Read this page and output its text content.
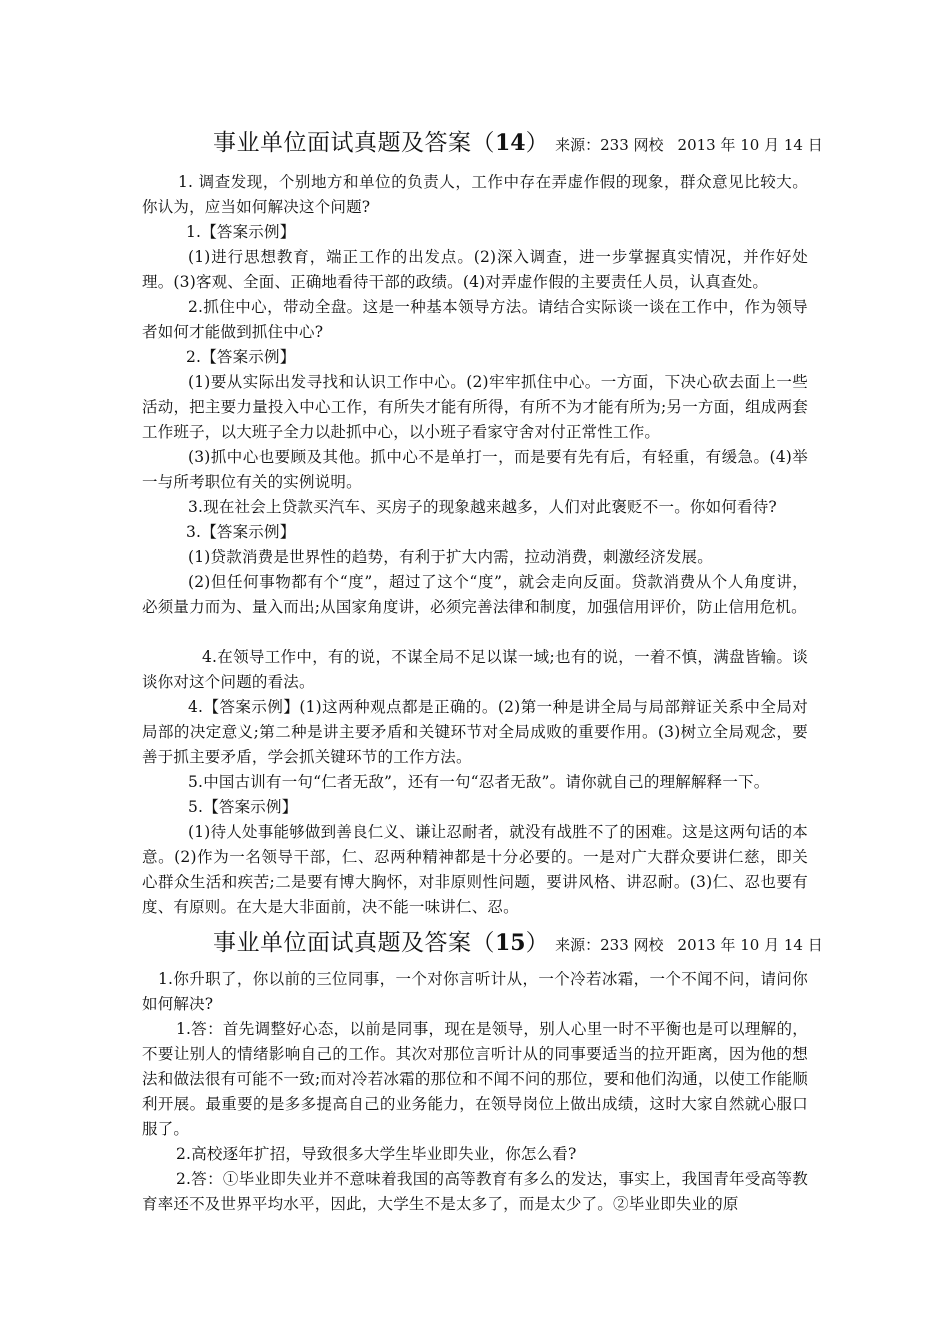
事业单位面试真题及答案（14） 来源：233 网校 2013 年 10 月 14 日
1. 调查发现，个别地方和单位的负责人，工作中存在弄虚作假的现象，群众意见比较大。你认为，应当如何解决这个问题?
1.【答案示例】
(1)进行思想教育，端正工作的出发点。(2)深入调查，进一步掌握真实情况，并作好处理。(3)客观、全面、正确地看待干部的政绩。(4)对弄虚作假的主要责任人员，认真查处。
2.抓住中心，带动全盘。这是一种基本领导方法。请结合实际谈一谈在工作中，作为领导者如何才能做到抓住中心?
2.【答案示例】
(1)要从实际出发寻找和认识工作中心。(2)牢牢抓住中心。一方面，下决心砍去面上一些活动，把主要力量投入中心工作，有所失才能有所得，有所不为才能有所为;另一方面，组成两套工作班子，以大班子全力以赴抓中心，以小班子看家守舍对付正常性工作。
(3)抓中心也要顾及其他。抓中心不是单打一，而是要有先有后，有轻重，有缓急。(4)举一与所考职位有关的实例说明。
3.现在社会上贷款买汽车、买房子的现象越来越多，人们对此褒贬不一。你如何看待?
3.【答案示例】
(1)贷款消费是世界性的趋势，有利于扩大内需，拉动消费，刺激经济发展。
(2)但任何事物都有个“度”，超过了这个“度”，就会走向反面。贷款消费从个人角度讲，必须量力而为、量入而出;从国家角度讲，必须完善法律和制度，加强信用评价，防止信用危机。
4.在领导工作中，有的说，不谋全局不足以谋一域;也有的说，一着不慎，满盘皆输。谈谈你对这个问题的看法。
4.【答案示例】(1)这两种观点都是正确的。(2)第一种是讲全局与局部辩证关系中全局对局部的决定意义;第二种是讲主要矛盾和关键环节对全局成败的重要作用。(3)树立全局观念，要善于抓主要矛盾，学会抓关键环节的工作方法。
5.中国古训有一句“仁者无敌”，还有一句“忍者无敌”。请你就自己的理解解释一下。
5.【答案示例】
(1)待人处事能够做到善良仁义、谦让忍耐者，就没有战胜不了的困难。这是这两句话的本意。(2)作为一名领导干部，仁、忍两种精神都是十分必要的。一是对广大群众要讲仁慈，即关心群众生活和疾苦;二是要有博大胸怀，对非原则性问题，要讲风格、讲忍耐。(3)仁、忍也要有度、有原则。在大是大非面前，决不能一味讲仁、忍。
事业单位面试真题及答案（15） 来源：233 网校 2013 年 10 月 14 日
1.你升职了，你以前的三位同事，一个对你言听计从，一个冷若冰霜，一个不闻不问，请问你如何解决?
1.答：首先调整好心态，以前是同事，现在是领导，别人心里一时不平衡也是可以理解的，不要让别人的情绪影响自己的工作。其次对那位言听计从的同事要适当的拉开距离，因为他的想法和做法很有可能不一致;而对冷若冰霜的那位和不闻不问的那位，要和他们沟通，以使工作能顺利开展。最重要的是多多提高自己的业务能力，在领导岗位上做出成绩，这时大家自然就心服口服了。
2.高校逐年扩招，导致很多大学生毕业即失业，你怎么看?
2.答：①毕业即失业并不意味着我国的高等教育有多么的发达，事实上，我国青年受高等教育率还不及世界平均水平，因此，大学生不是太多了，而是太少了。②毕业即失业的原
